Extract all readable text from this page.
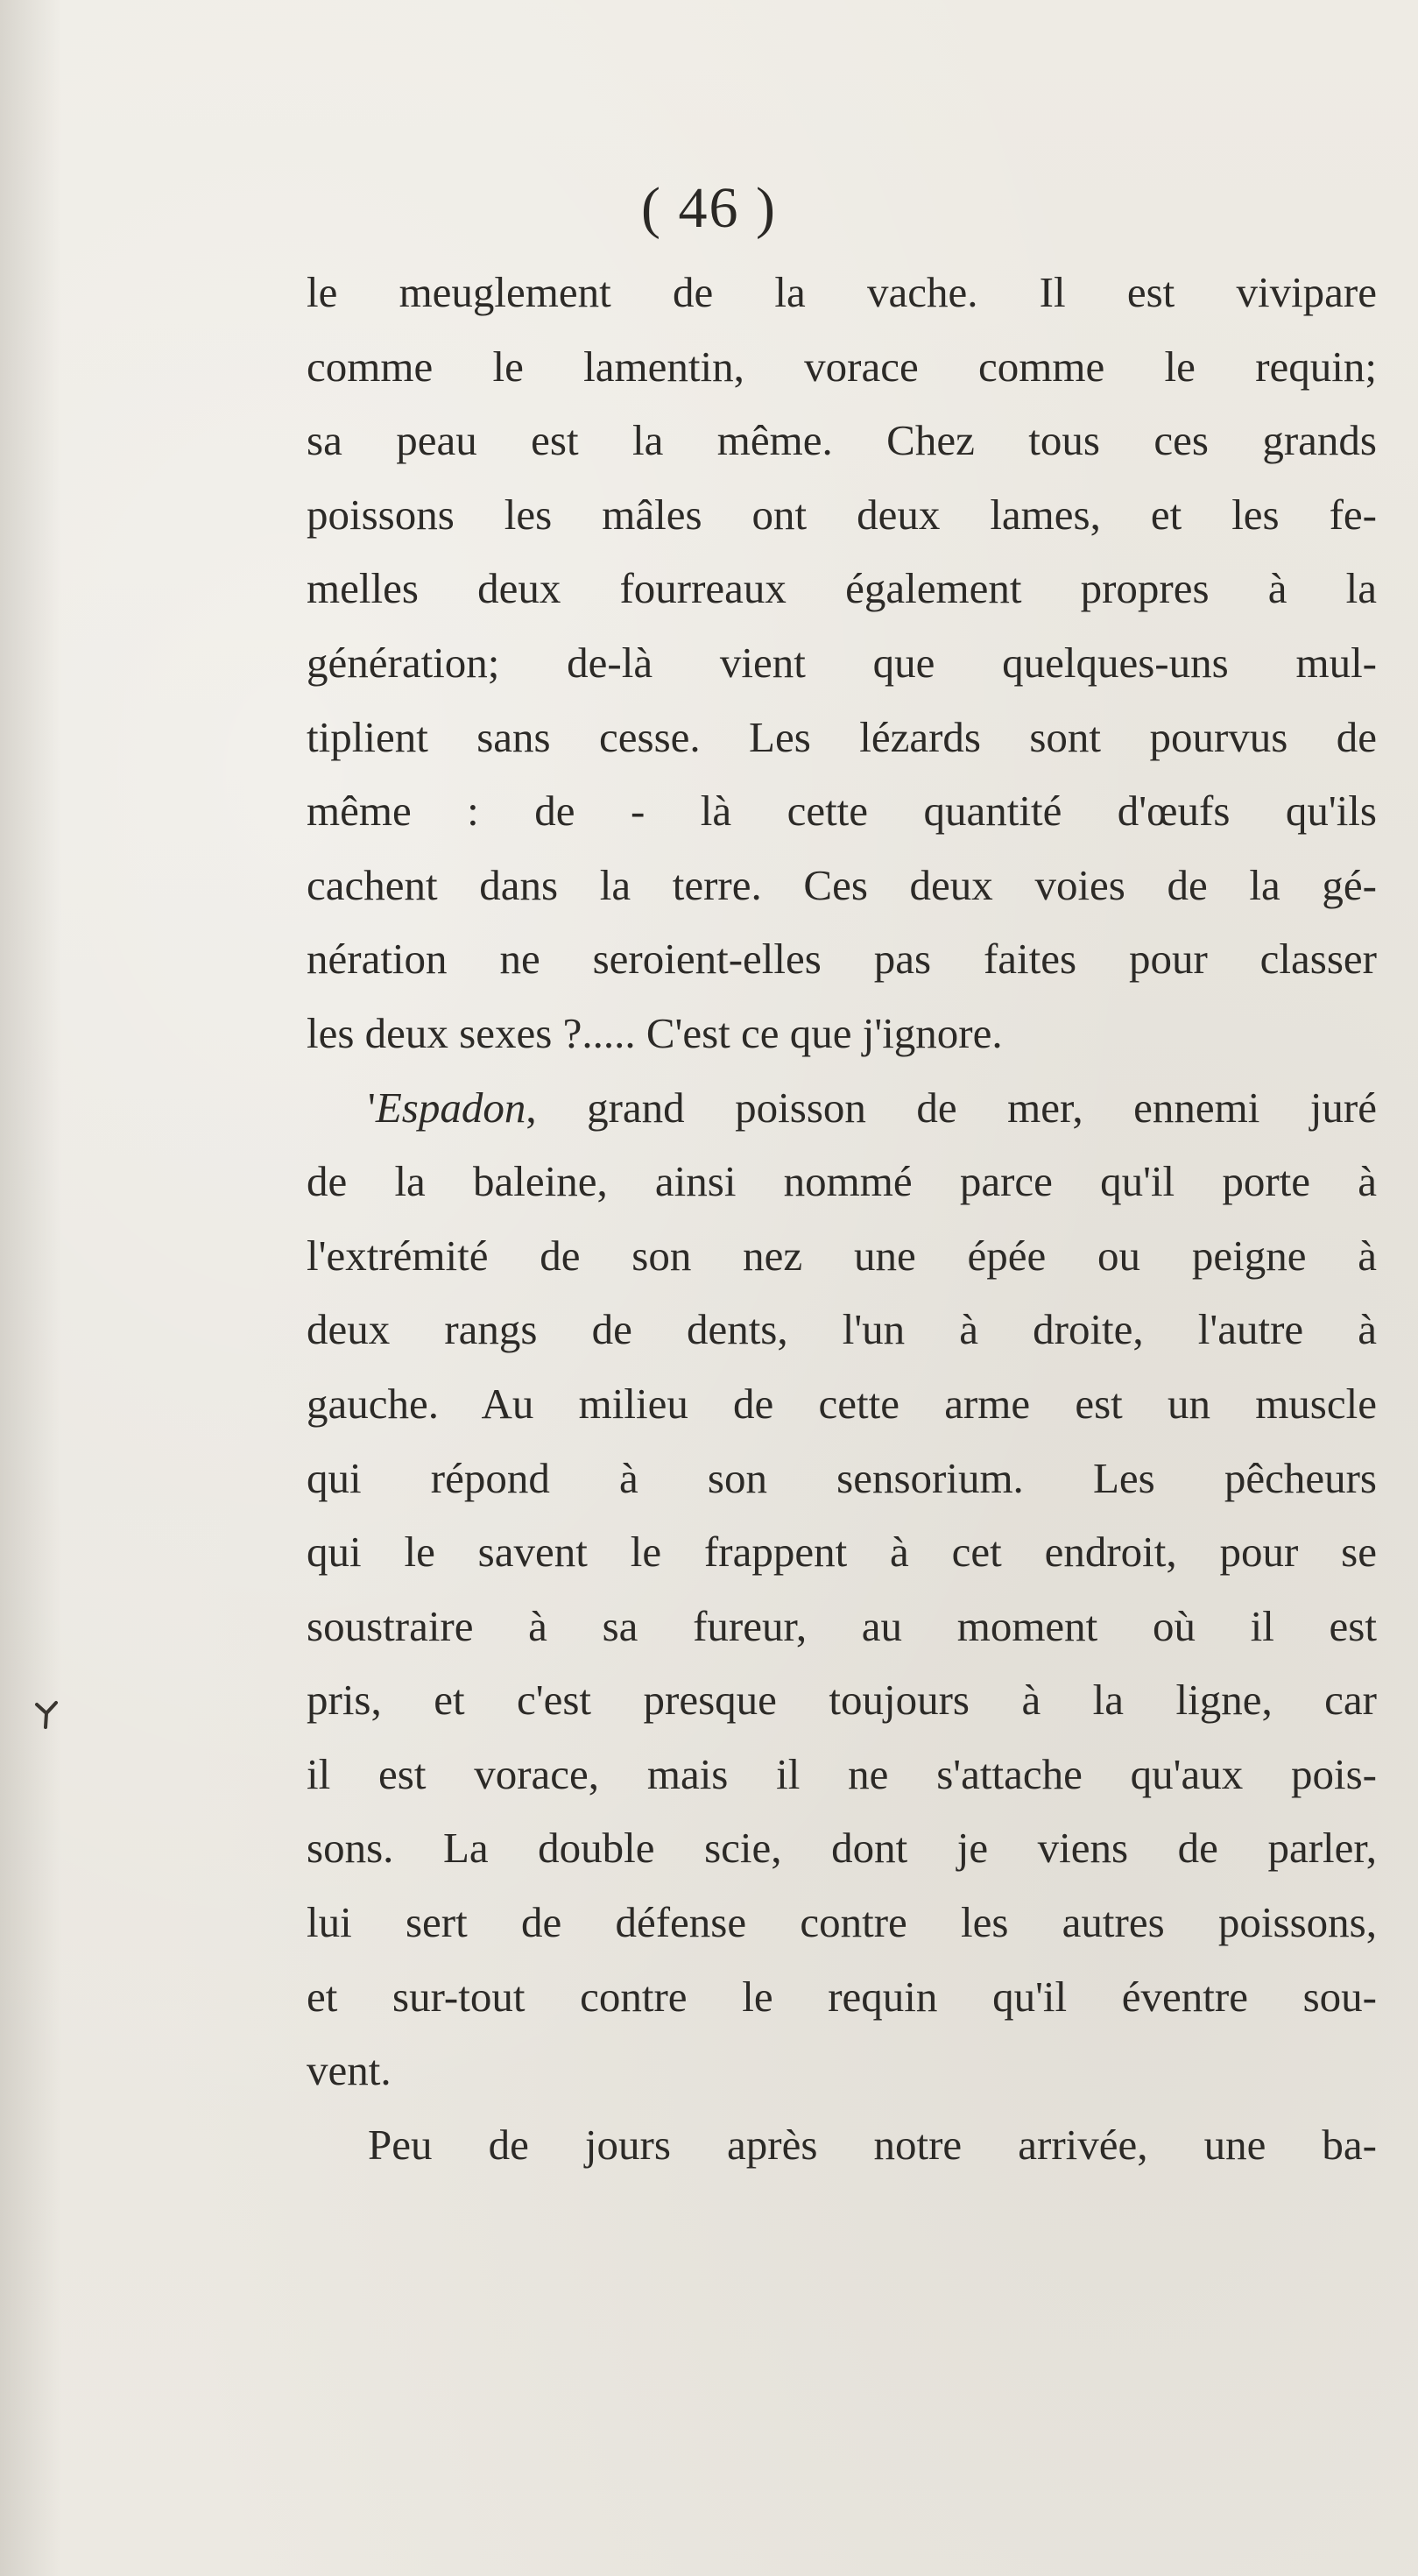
( 46 )
le meuglement de la vache. Il est vivipare
comme le lamentin, vorace comme le requin;
sa peau est la même. Chez tous ces grands
poissons les mâles ont deux lames, et les fe-
melles deux fourreaux également propres à la
génération; de-là vient que quelques-uns mul-
tiplient sans cesse. Les lézards sont pourvus de
même : de - là cette quantité d'œufs qu'ils
cachent dans la terre. Ces deux voies de la gé-
nération ne seroient-elles pas faites pour classer
les deux sexes ?..... C'est ce que j'ignore.
'Espadon, grand poisson de mer, ennemi juré
de la baleine, ainsi nommé parce qu'il porte à
l'extrémité de son nez une épée ou peigne à
deux rangs de dents, l'un à droite, l'autre à
gauche. Au milieu de cette arme est un muscle
qui répond à son sensorium. Les pêcheurs
qui le savent le frappent à cet endroit, pour se
soustraire à sa fureur, au moment où il est
pris, et c'est presque toujours à la ligne, car
il est vorace, mais il ne s'attache qu'aux pois-
sons. La double scie, dont je viens de parler,
lui sert de défense contre les autres poissons,
et sur-tout contre le requin qu'il éventre sou-
vent.
Peu de jours après notre arrivée, une ba-
